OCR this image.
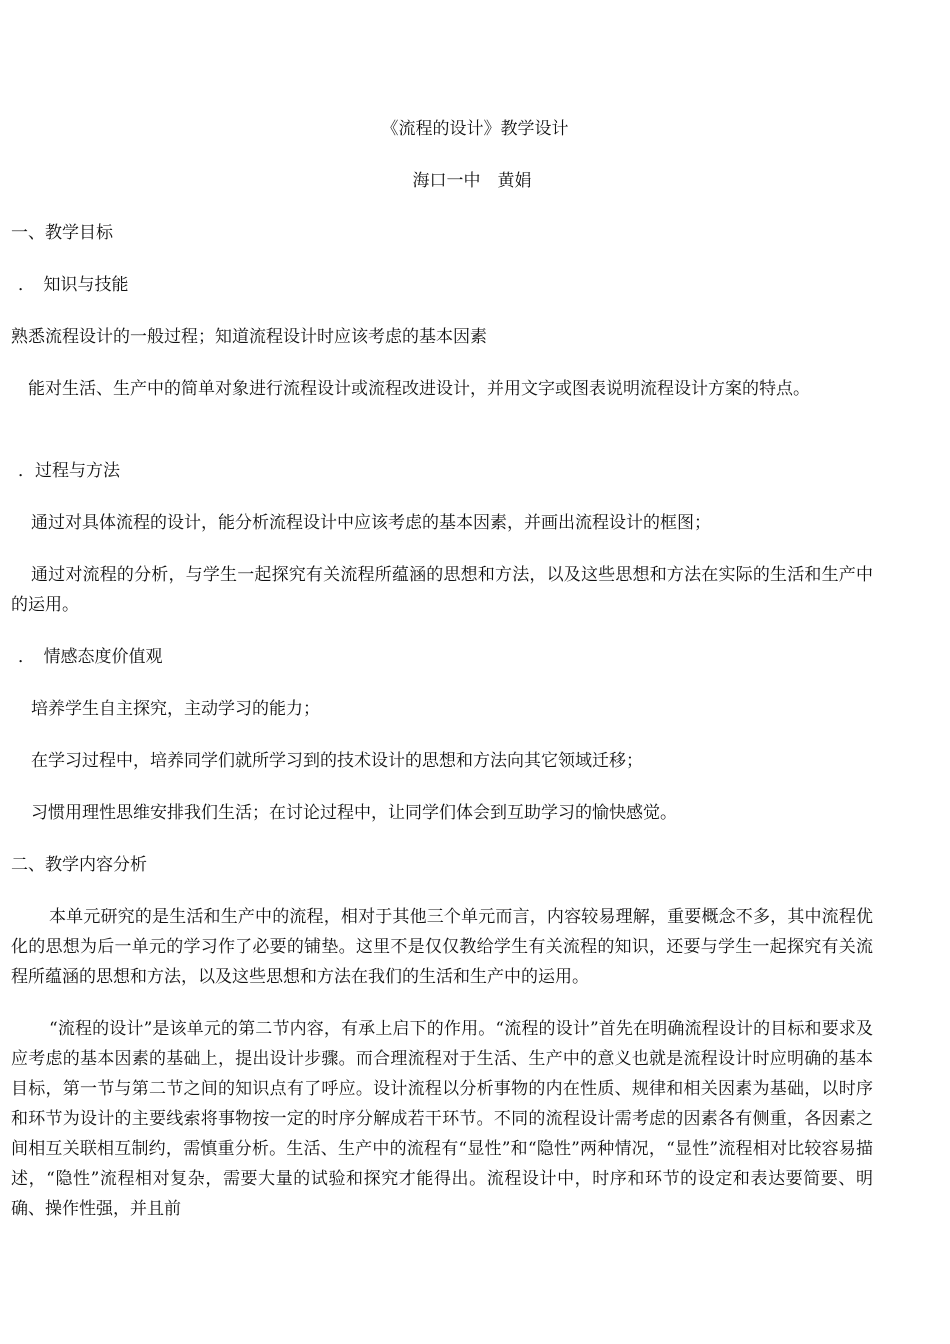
《流程的设计》教学设计

海口一中　黄娟

一、教学目标

．　知识与技能

熟悉流程设计的一般过程；知道流程设计时应该考虑的基本因素

能对生活、生产中的简单对象进行流程设计或流程改进设计，并用文字或图表说明流程设计方案的特点。

．过程与方法

通过对具体流程的设计，能分析流程设计中应该考虑的基本因素，并画出流程设计的框图；

通过对流程的分析，与学生一起探究有关流程所蕴涵的思想和方法，以及这些思想和方法在实际的生活和生产中的运用。

．　情感态度价值观

培养学生自主探究，主动学习的能力；

在学习过程中，培养同学们就所学习到的技术设计的思想和方法向其它领域迁移；

习惯用理性思维安排我们生活；在讨论过程中，让同学们体会到互助学习的愉快感觉。

二、教学内容分析

本单元研究的是生活和生产中的流程，相对于其他三个单元而言，内容较易理解，重要概念不多，其中流程优化的思想为后一单元的学习作了必要的铺垫。这里不是仅仅教给学生有关流程的知识，还要与学生一起探究有关流程所蕴涵的思想和方法，以及这些思想和方法在我们的生活和生产中的运用。

“流程的设计”是该单元的第二节内容，有承上启下的作用。“流程的设计”首先在明确流程设计的目标和要求及应考虑的基本因素的基础上，提出设计步骤。而合理流程对于生活、生产中的意义也就是流程设计时应明确的基本目标，第一节与第二节之间的知识点有了呼应。设计流程以分析事物的内在性质、规律和相关因素为基础，以时序和环节为设计的主要线索将事物按一定的时序分解成若干环节。不同的流程设计需考虑的因素各有侧重，各因素之间相互关联相互制约，需慎重分析。生活、生产中的流程有“显性”和“隐性”两种情况，“显性”流程相对比较容易描述，“隐性”流程相对复杂，需要大量的试验和探究才能得出。流程设计中，时序和环节的设定和表达要简要、明确、操作性强，并且前
